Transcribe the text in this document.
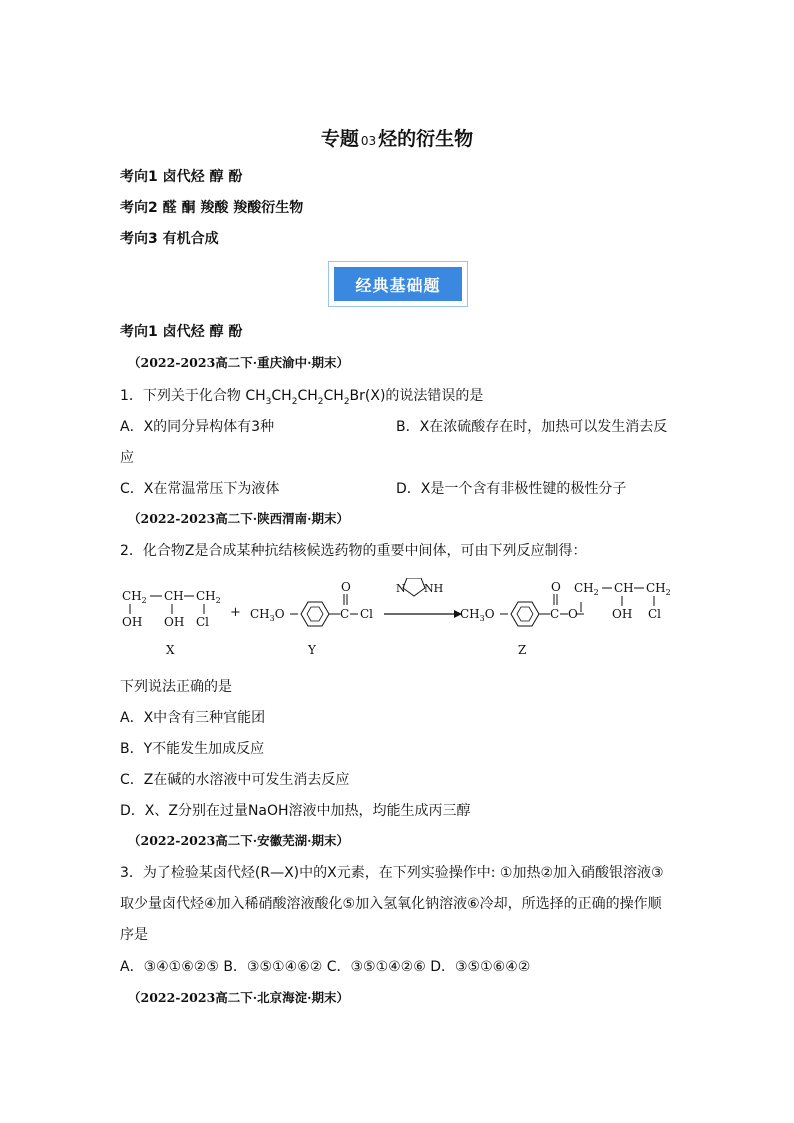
专题 03 烃的衍生物
考向1 卤代烃 醇 酚
考向2 醛 酮 羧酸 羧酸衍生物
考向3 有机合成
经典基础题
考向1 卤代烃 醇 酚
（2022-2023高二下·重庆渝中·期末）
1．下列关于化合物 $CH_3CH_2CH_2CH_2Br(X)$的说法错误的是
A．X的同分异构体有3种	B．X在浓硫酸存在时，加热可以发生消去反
应
C．X在常温常压下为液体	D．X是一个含有非极性键的极性分子
（2022-2023高二下·陕西渭南·期末）
2．化合物Z是合成某种抗结核候选药物的重要中间体，可由下列反应制得：
$CH_2$ CH $CH_2$
OH OH Cl
X
+ $CH_3O$	C
O
Cl
Y
N NH
$CH_3O$	C
O
O
$CH_2$ CH $CH_2$
OH Cl
Z
下列说法正确的是
A．X中含有三种官能团
B．Y不能发生加成反应
C．Z在碱的水溶液中可发生消去反应
D．X、Z分别在过量NaOH溶液中加热，均能生成丙三醇
（2022-2023高二下·安徽芜湖·期末）
3．为了检验某卤代烃(R—X)中的X元素，在下列实验操作中: ①加热②加入硝酸银溶液③
取少量卤代烃④加入稀硝酸溶液酸化⑤加入氢氧化钠溶液⑥冷却，所选择的正确的操作顺
序是
A．③④①⑥②⑤ B．③⑤①④⑥② C．③⑤①④②⑥ D．③⑤①⑥④②
（2022-2023高二下·北京海淀·期末）
